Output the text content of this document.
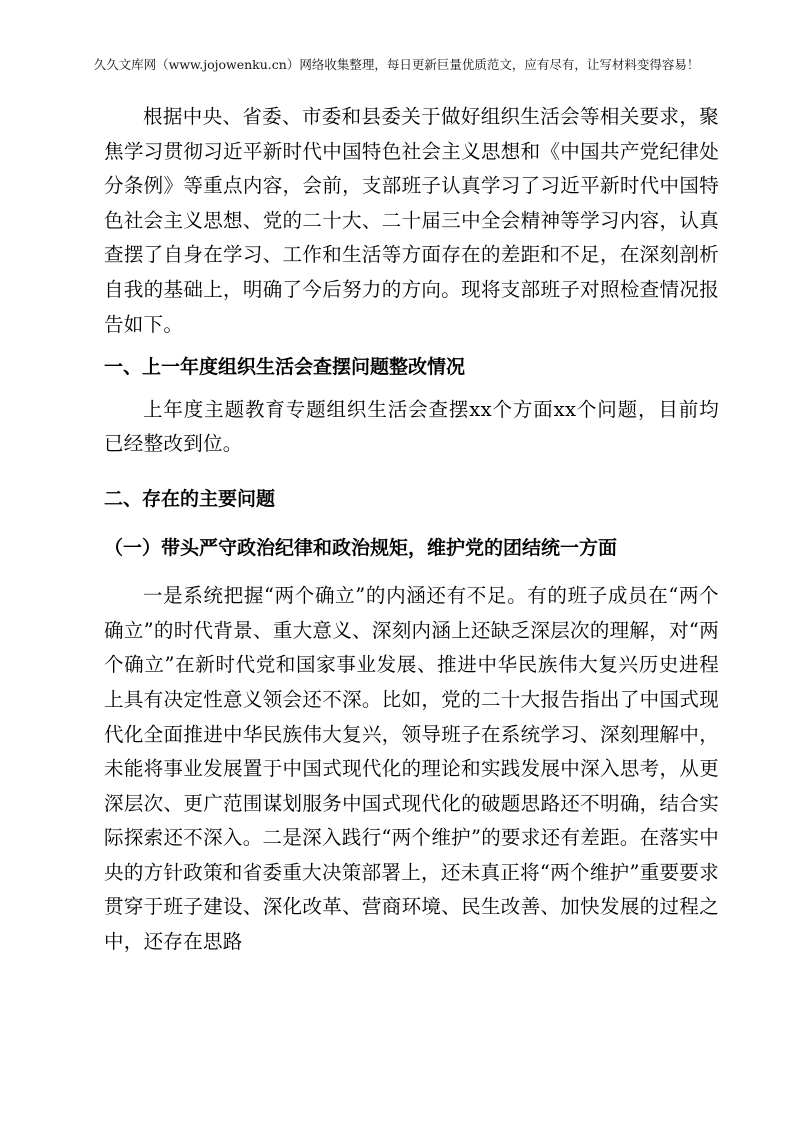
久久文库网（www.jojowenku.cn）网络收集整理，每日更新巨量优质范文，应有尽有，让写材料变得容易！

根据中央、省委、市委和县委关于做好组织生活会等相关要求，聚焦学习贯彻习近平新时代中国特色社会主义思想和《中国共产党纪律处分条例》等重点内容，会前，支部班子认真学习了习近平新时代中国特色社会主义思想、党的二十大、二十届三中全会精神等学习内容，认真查摆了自身在学习、工作和生活等方面存在的差距和不足，在深刻剖析自我的基础上，明确了今后努力的方向。现将支部班子对照检查情况报告如下。

一、上一年度组织生活会查摆问题整改情况

上年度主题教育专题组织生活会查摆xx个方面xx个问题，目前均已经整改到位。

二、存在的主要问题

（一）带头严守政治纪律和政治规矩，维护党的团结统一方面

一是系统把握“两个确立”的内涵还有不足。有的班子成员在“两个确立”的时代背景、重大意义、深刻内涵上还缺乏深层次的理解，对“两个确立”在新时代党和国家事业发展、推进中华民族伟大复兴历史进程上具有决定性意义领会还不深。比如，党的二十大报告指出了中国式现代化全面推进中华民族伟大复兴，领导班子在系统学习、深刻理解中，未能将事业发展置于中国式现代化的理论和实践发展中深入思考，从更深层次、更广范围谋划服务中国式现代化的破题思路还不明确，结合实际探索还不深入。二是深入践行“两个维护”的要求还有差距。在落实中央的方针政策和省委重大决策部署上，还未真正将“两个维护”重要要求贯穿于班子建设、深化改革、营商环境、民生改善、加快发展的过程之中，还存在思路
